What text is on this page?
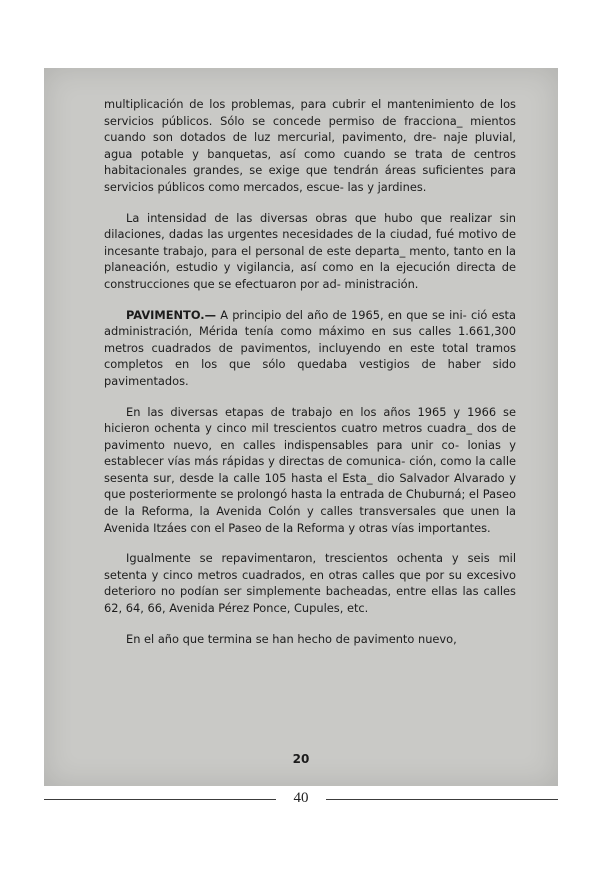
multiplicación de los problemas, para cubrir el mantenimiento de los servicios públicos. Sólo se concede permiso de fracciona_ mientos cuando son dotados de luz mercurial, pavimento, dre- naje pluvial, agua potable y banquetas, así como cuando se trata de centros habitacionales grandes, se exige que tendrán áreas suficientes para servicios públicos como mercados, escue- las y jardines.

La intensidad de las diversas obras que hubo que realizar sin dilaciones, dadas las urgentes necesidades de la ciudad, fué motivo de incesante trabajo, para el personal de este departa_ mento, tanto en la planeación, estudio y vigilancia, así como en la ejecución directa de construcciones que se efectuaron por ad- ministración.

PAVIMENTO.— A principio del año de 1965, en que se ini- ció esta administración, Mérida tenía como máximo en sus calles 1.661,300 metros cuadrados de pavimentos, incluyendo en este total tramos completos en los que sólo quedaba vestigios de haber sido pavimentados.

En las diversas etapas de trabajo en los años 1965 y 1966 se hicieron ochenta y cinco mil trescientos cuatro metros cuadra_ dos de pavimento nuevo, en calles indispensables para unir co- lonias y establecer vías más rápidas y directas de comunica- ción, como la calle sesenta sur, desde la calle 105 hasta el Esta_ dio Salvador Alvarado y que posteriormente se prolongó hasta la entrada de Chuburná; el Paseo de la Reforma, la Avenida Colón y calles transversales que unen la Avenida Itzáes con el Paseo de la Reforma y otras vías importantes.

Igualmente se repavimentaron, trescientos ochenta y seis mil setenta y cinco metros cuadrados, en otras calles que por su excesivo deterioro no podían ser simplemente bacheadas, entre ellas las calles 62, 64, 66, Avenida Pérez Ponce, Cupules, etc.

En el año que termina se han hecho de pavimento nuevo,

20
40
